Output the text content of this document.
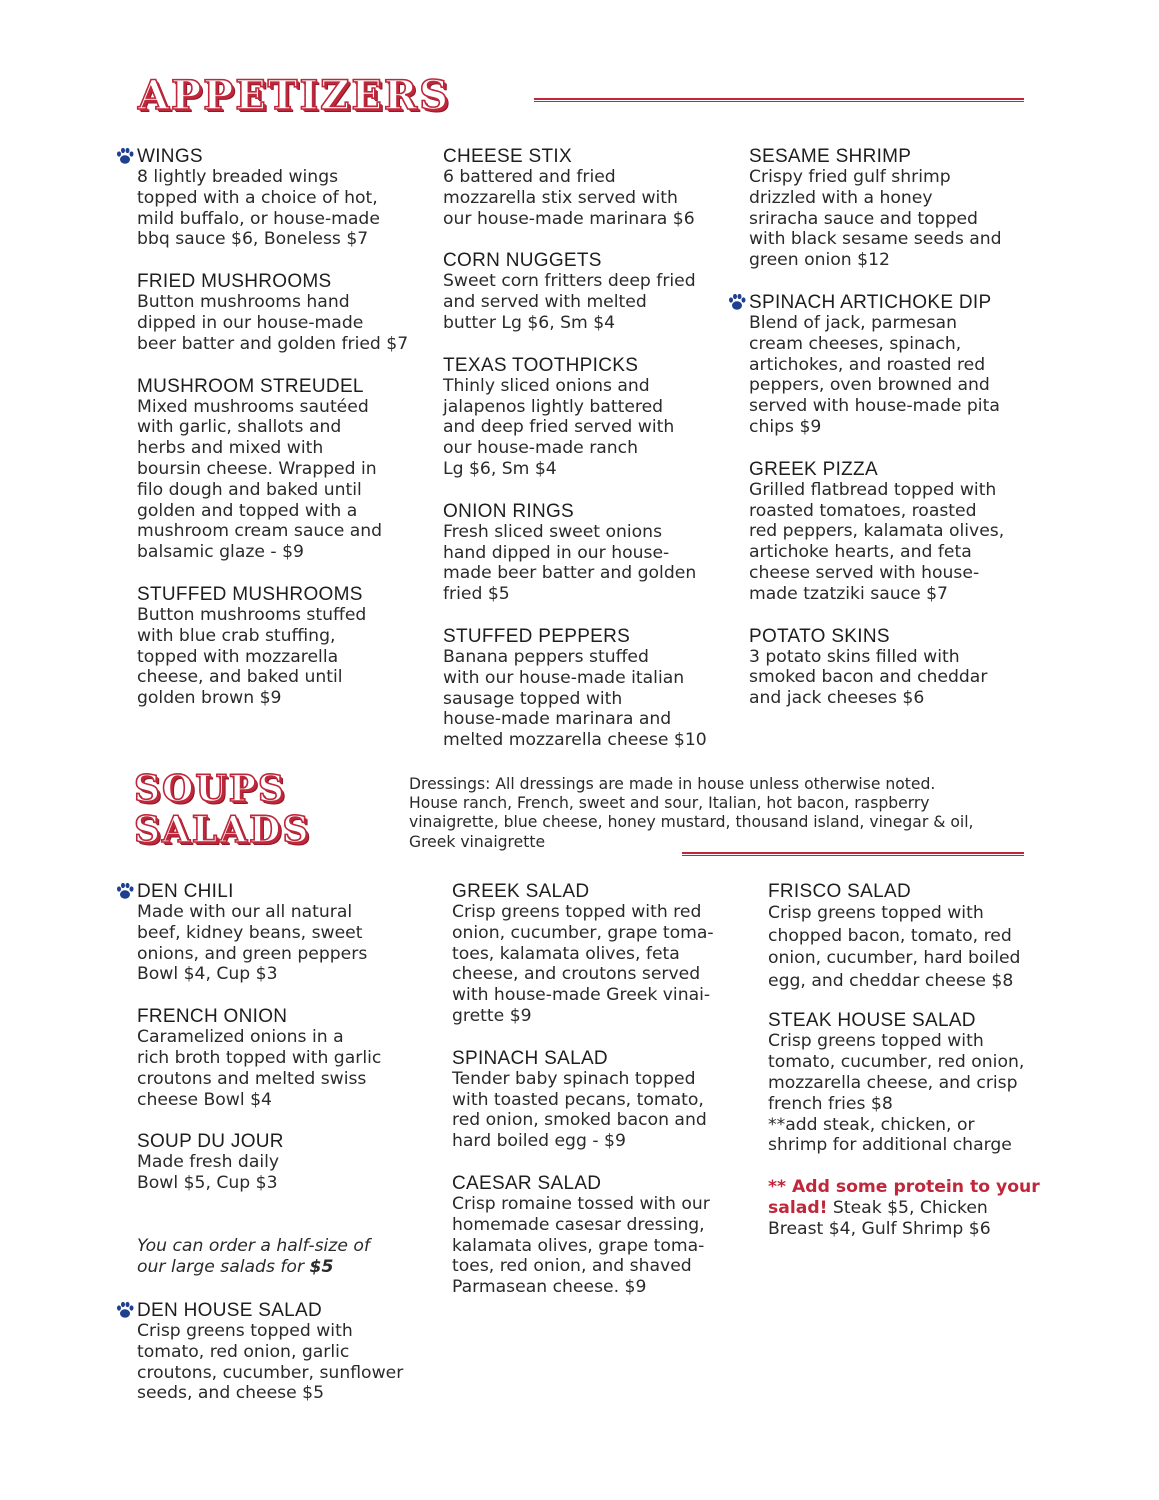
APPETIZERS
WINGS
8 lightly breaded wings
topped with a choice of hot,
mild buffalo, or house-made
bbq sauce $6, Boneless $7
FRIED MUSHROOMS
Button mushrooms hand
dipped in our house-made
beer batter and golden fried $7
MUSHROOM STREUDEL
Mixed mushrooms sautéed
with garlic, shallots and
herbs and mixed with
boursin cheese. Wrapped in
filo dough and baked until
golden and topped with a
mushroom cream sauce and
balsamic glaze - $9
STUFFED MUSHROOMS
Button mushrooms stuffed
with blue crab stuffing,
topped with mozzarella
cheese, and baked until
golden brown $9
CHEESE STIX
6 battered and fried
mozzarella stix served with
our house-made marinara $6
CORN NUGGETS
Sweet corn fritters deep fried
and served with melted
butter Lg $6, Sm $4
TEXAS TOOTHPICKS
Thinly sliced onions and
jalapenos lightly battered
and deep fried served with
our house-made ranch
Lg $6, Sm $4
ONION RINGS
Fresh sliced sweet onions
hand dipped in our house-
made beer batter and golden
fried $5
STUFFED PEPPERS
Banana peppers stuffed
with our house-made italian
sausage topped with
house-made marinara and
melted mozzarella cheese $10
SESAME SHRIMP
Crispy fried gulf shrimp
drizzled with a honey
sriracha sauce and topped
with black sesame seeds and
green onion $12
SPINACH ARTICHOKE DIP
Blend of jack, parmesan
cream cheeses, spinach,
artichokes, and roasted red
peppers, oven browned and
served with house-made pita
chips $9
GREEK PIZZA
Grilled flatbread topped with
roasted tomatoes, roasted
red peppers, kalamata olives,
artichoke hearts, and feta
cheese served with house-
made tzatziki sauce $7
POTATO SKINS
3 potato skins filled with
smoked bacon and cheddar
and jack cheeses $6
SOUPS
SALADS
Dressings: All dressings are made in house unless otherwise noted.
House ranch, French, sweet and sour, Italian, hot bacon, raspberry
vinaigrette, blue cheese, honey mustard, thousand island, vinegar & oil,
Greek vinaigrette
DEN CHILI
Made with our all natural
beef, kidney beans, sweet
onions, and green peppers
Bowl $4, Cup $3
FRENCH ONION
Caramelized onions in a
rich broth topped with garlic
croutons and melted swiss
cheese Bowl $4
SOUP DU JOUR
Made fresh daily
Bowl $5, Cup $3
You can order a half-size of
our large salads for $5
DEN HOUSE SALAD
Crisp greens topped with
tomato, red onion, garlic
croutons, cucumber, sunflower
seeds, and cheese $5
GREEK SALAD
Crisp greens topped with red
onion, cucumber, grape toma-
toes, kalamata olives, feta
cheese, and croutons served
with house-made Greek vinai-
grette $9
SPINACH SALAD
Tender baby spinach topped
with toasted pecans, tomato,
red onion, smoked bacon and
hard boiled egg - $9
CAESAR SALAD
Crisp romaine tossed with our
homemade casesar dressing,
kalamata olives, grape toma-
toes, red onion, and shaved
Parmasean cheese. $9
FRISCO SALAD
Crisp greens topped with
chopped bacon, tomato, red
onion, cucumber, hard boiled
egg, and cheddar cheese $8
STEAK HOUSE SALAD
Crisp greens topped with
tomato, cucumber, red onion,
mozzarella cheese, and crisp
french fries $8
**add steak, chicken, or
shrimp for additional charge
** Add some protein to your
salad! Steak $5, Chicken
Breast $4, Gulf Shrimp $6
